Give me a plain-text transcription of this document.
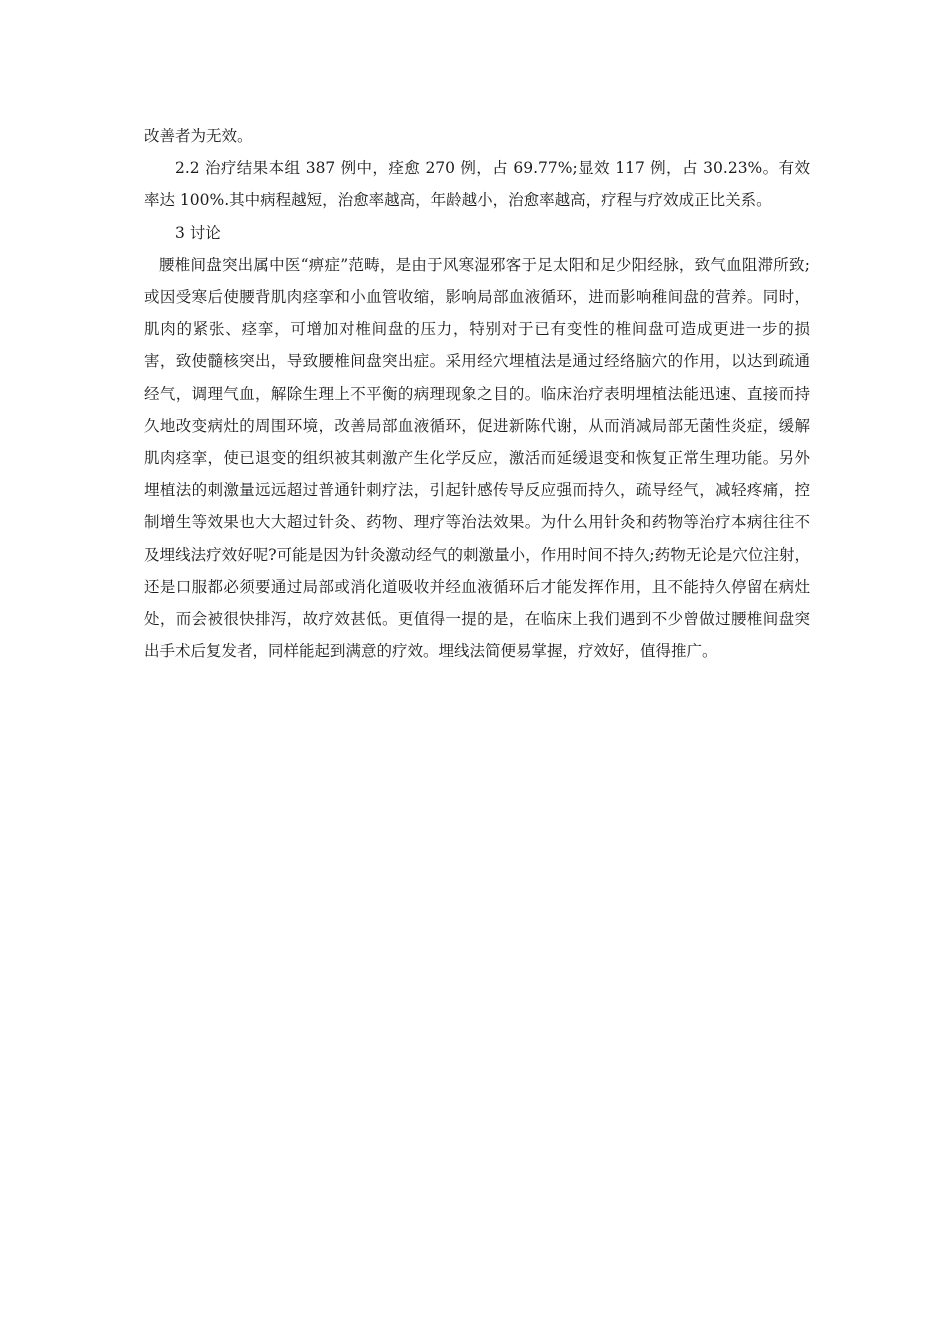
改善者为无效。

2.2 治疗结果本组 387 例中，痊愈 270 例，占 69.77%;显效 117 例，占 30.23%。有效率达 100%.其中病程越短，治愈率越高，年龄越小，治愈率越高，疗程与疗效成正比关系。

3 讨论

腰椎间盘突出属中医“痹症”范畴，是由于风寒湿邪客于足太阳和足少阳经脉，致气血阻滞所致;或因受寒后使腰背肌肉痉挛和小血管收缩，影响局部血液循环，进而影响稚间盘的营养。同时，肌肉的紧张、痉挛，可增加对椎间盘的压力，特别对于已有变性的椎间盘可造成更进一步的损害，致使髓核突出，导致腰椎间盘突出症。采用经穴埋植法是通过经络脑穴的作用，以达到疏通经气，调理气血，解除生理上不平衡的病理现象之目的。临床治疗表明埋植法能迅速、直接而持久地改变病灶的周围环境，改善局部血液循环，促进新陈代谢，从而消减局部无菌性炎症，缓解肌肉痉挛，使已退变的组织被其刺激产生化学反应，激活而延缓退变和恢复正常生理功能。另外埋植法的刺激量远远超过普通针刺疗法，引起针感传导反应强而持久，疏导经气，减轻疼痛，控制增生等效果也大大超过针灸、药物、理疗等治法效果。为什么用针灸和药物等治疗本病往往不及埋线法疗效好呢?可能是因为针灸激动经气的刺激量小，作用时间不持久;药物无论是穴位注射，还是口服都必须要通过局部或消化道吸收并经血液循环后才能发挥作用，且不能持久停留在病灶处，而会被很快排泻，故疗效甚低。更值得一提的是，在临床上我们遇到不少曾做过腰椎间盘突出手术后复发者，同样能起到满意的疗效。埋线法简便易掌握，疗效好，值得推广。
